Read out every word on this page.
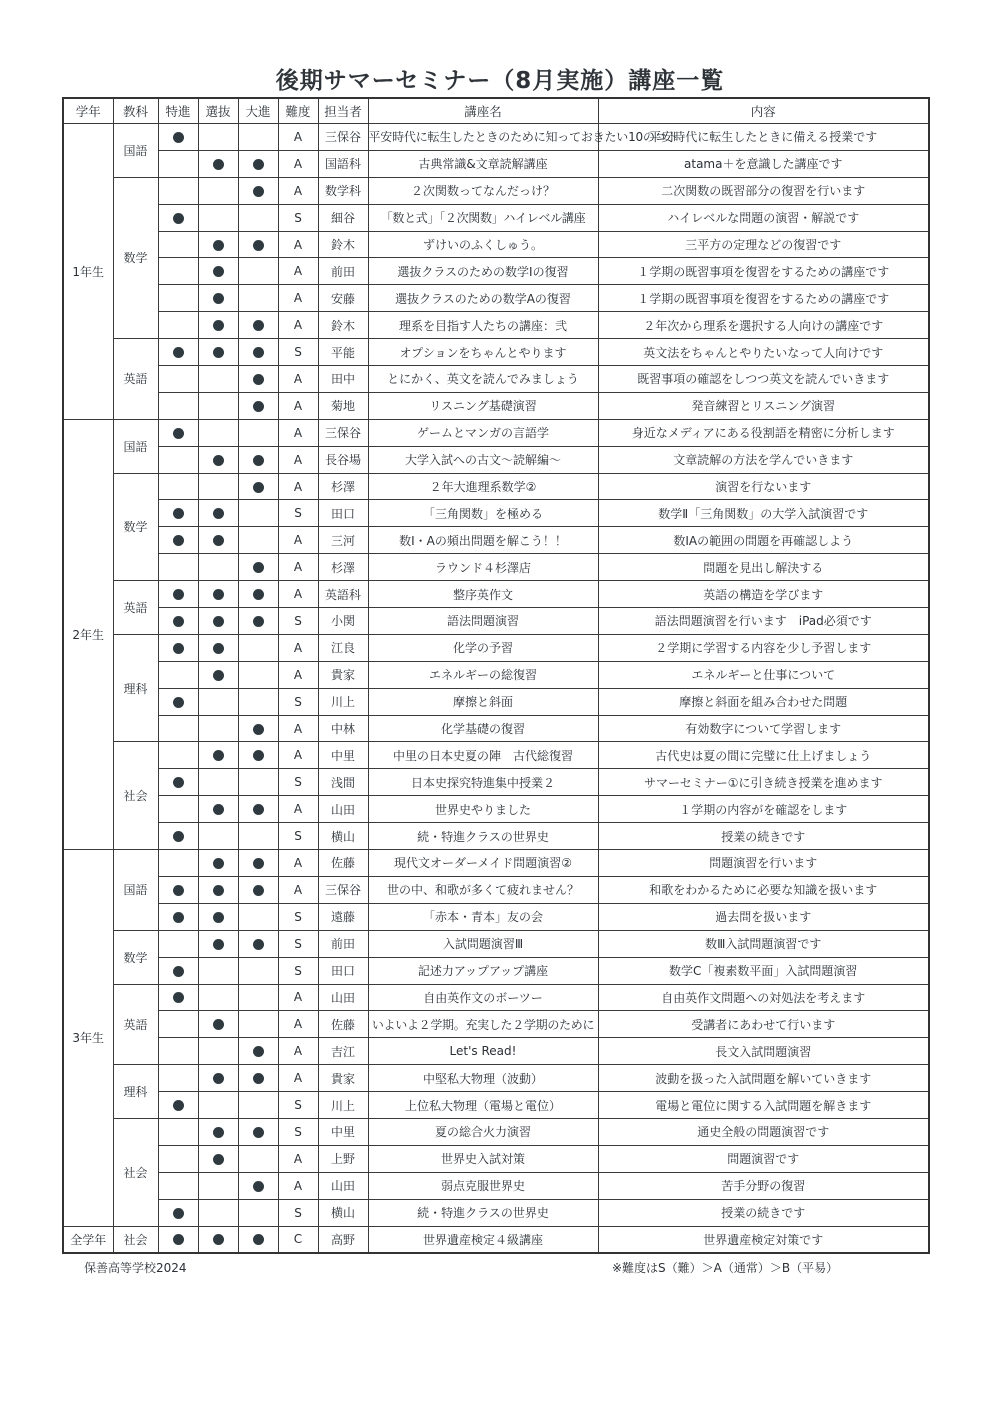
後期サマーセミナー（8月実施）講座一覧
学年	教科	特進	選抜	大進	難度	担当者	講座名	内容
1年生	国語				A	三保谷	平安時代に転生したときのために知っておきたい10のコト	平安時代に転生したときに備える授業です
					A	国語科	古典常識&文章読解講座	atama＋を意識した講座です
	数学				A	数学科	２次関数ってなんだっけ？	二次関数の既習部分の復習を行います
					S	細谷	「数と式」「２次関数」ハイレベル講座	ハイレベルな問題の演習・解説です
					A	鈴木	ずけいのふくしゅう。	三平方の定理などの復習です
					A	前田	選抜クラスのための数学Ⅰの復習	１学期の既習事項を復習をするための講座です
					A	安藤	選抜クラスのための数学Aの復習	１学期の既習事項を復習をするための講座です
					A	鈴木	理系を目指す人たちの講座：弐	２年次から理系を選択する人向けの講座です
	英語				S	平能	オプションをちゃんとやります	英文法をちゃんとやりたいなって人向けです
					A	田中	とにかく、英文を読んでみましょう	既習事項の確認をしつつ英文を読んでいきます
					A	菊地	リスニング基礎演習	発音練習とリスニング演習
2年生	国語				A	三保谷	ゲームとマンガの言語学	身近なメディアにある役割語を精密に分析します
					A	長谷場	大学入試への古文～読解編～	文章読解の方法を学んでいきます
	数学				A	杉澤	２年大進理系数学②	演習を行ないます
					S	田口	「三角関数」を極める	数学Ⅱ「三角関数」の大学入試演習です
					A	三河	数Ⅰ・Aの頻出問題を解こう！！	数ⅠAの範囲の問題を再確認しよう
					A	杉澤	ラウンド４杉澤店	問題を見出し解決する
	英語				A	英語科	整序英作文	英語の構造を学びます
					S	小関	語法問題演習	語法問題演習を行います　iPad必須です
	理科				A	江良	化学の予習	２学期に学習する内容を少し予習します
					A	貴家	エネルギーの総復習	エネルギーと仕事について
					S	川上	摩擦と斜面	摩擦と斜面を組み合わせた問題
					A	中林	化学基礎の復習	有効数字について学習します
	社会				A	中里	中里の日本史夏の陣　古代総復習	古代史は夏の間に完璧に仕上げましょう
					S	浅間	日本史探究特進集中授業２	サマーセミナー①に引き続き授業を進めます
					A	山田	世界史やりました	１学期の内容がを確認をします
					S	横山	続・特進クラスの世界史	授業の続きです
3年生	国語				A	佐藤	現代文オーダーメイド問題演習②	問題演習を行います
					A	三保谷	世の中、和歌が多くて疲れません？	和歌をわかるために必要な知識を扱います
					S	遠藤	「赤本・青本」友の会	過去問を扱います
	数学				S	前田	入試問題演習Ⅲ	数Ⅲ入試問題演習です
					S	田口	記述力アップアップ講座	数学C「複素数平面」入試問題演習
	英語				A	山田	自由英作文のボーツー	自由英作文問題への対処法を考えます
					A	佐藤	いよいよ２学期。充実した２学期のために	受講者にあわせて行います
					A	吉江	Let's Read!	長文入試問題演習
	理科				A	貴家	中堅私大物理（波動）	波動を扱った入試問題を解いていきます
					S	川上	上位私大物理（電場と電位）	電場と電位に関する入試問題を解きます
	社会				S	中里	夏の総合火力演習	通史全般の問題演習です
					A	上野	世界史入試対策	問題演習です
					A	山田	弱点克服世界史	苦手分野の復習
					S	横山	続・特進クラスの世界史	授業の続きです
全学年	社会				C	高野	世界遺産検定４級講座	世界遺産検定対策です
保善高等学校2024	※難度はS（難）＞A（通常）＞B（平易）
